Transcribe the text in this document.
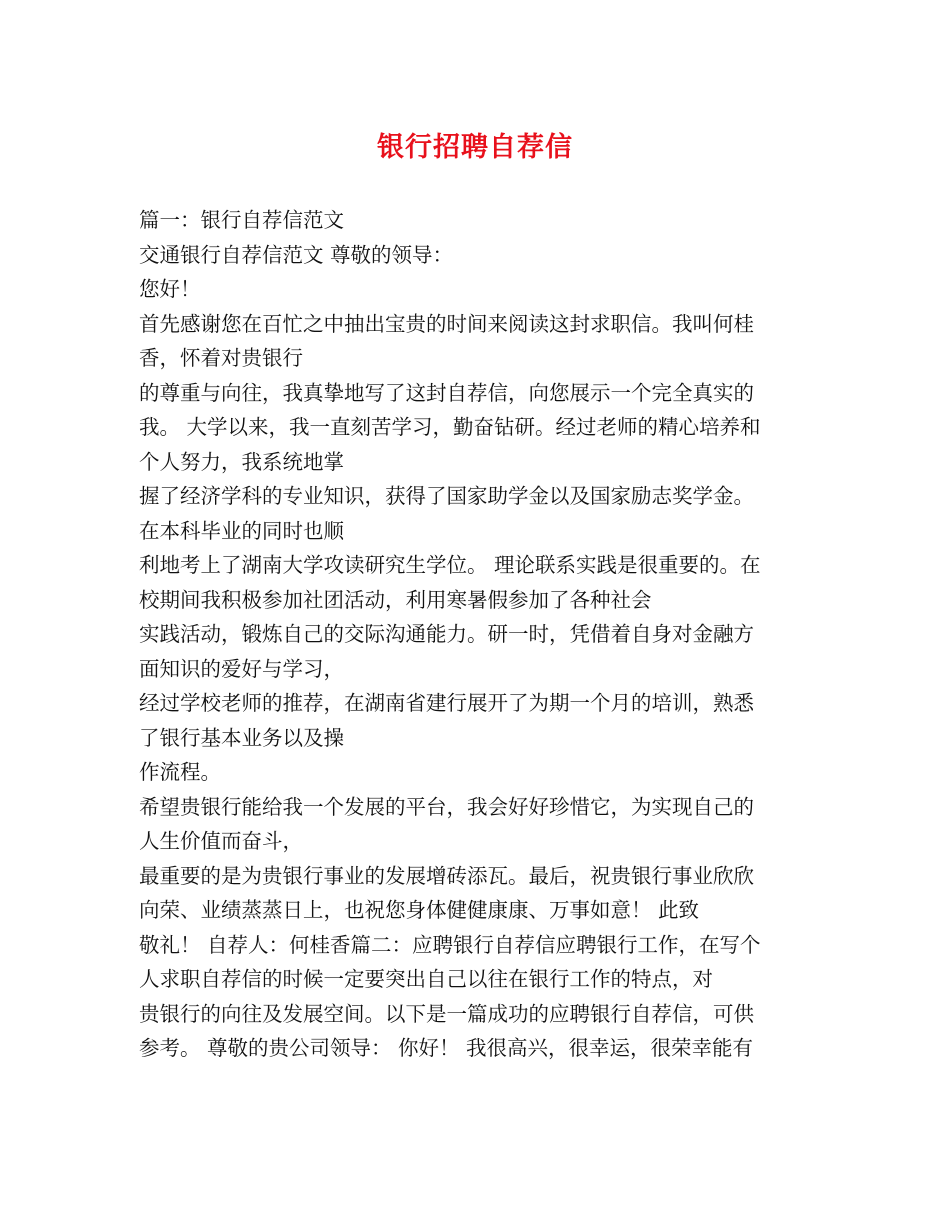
银行招聘自荐信
篇一：银行自荐信范文
交通银行自荐信范文 尊敬的领导：
您好！
首先感谢您在百忙之中抽出宝贵的时间来阅读这封求职信。我叫何桂
香，怀着对贵银行
的尊重与向往，我真挚地写了这封自荐信，向您展示一个完全真实的
我。 大学以来，我一直刻苦学习，勤奋钻研。经过老师的精心培养和
个人努力，我系统地掌
握了经济学科的专业知识，获得了国家助学金以及国家励志奖学金。
在本科毕业的同时也顺
利地考上了湖南大学攻读研究生学位。 理论联系实践是很重要的。在
校期间我积极参加社团活动，利用寒暑假参加了各种社会
实践活动，锻炼自己的交际沟通能力。研一时，凭借着自身对金融方
面知识的爱好与学习，
经过学校老师的推荐，在湖南省建行展开了为期一个月的培训，熟悉
了银行基本业务以及操
作流程。
希望贵银行能给我一个发展的平台，我会好好珍惜它，为实现自己的
人生价值而奋斗，
最重要的是为贵银行事业的发展增砖添瓦。最后，祝贵银行事业欣欣
向荣、业绩蒸蒸日上，也祝您身体健健康康、万事如意！ 此致
敬礼！ 自荐人：何桂香篇二：应聘银行自荐信应聘银行工作，在写个
人求职自荐信的时候一定要突出自己以往在银行工作的特点，对
贵银行的向往及发展空间。以下是一篇成功的应聘银行自荐信，可供
参考。 尊敬的贵公司领导： 你好！ 我很高兴，很幸运，很荣幸能有
